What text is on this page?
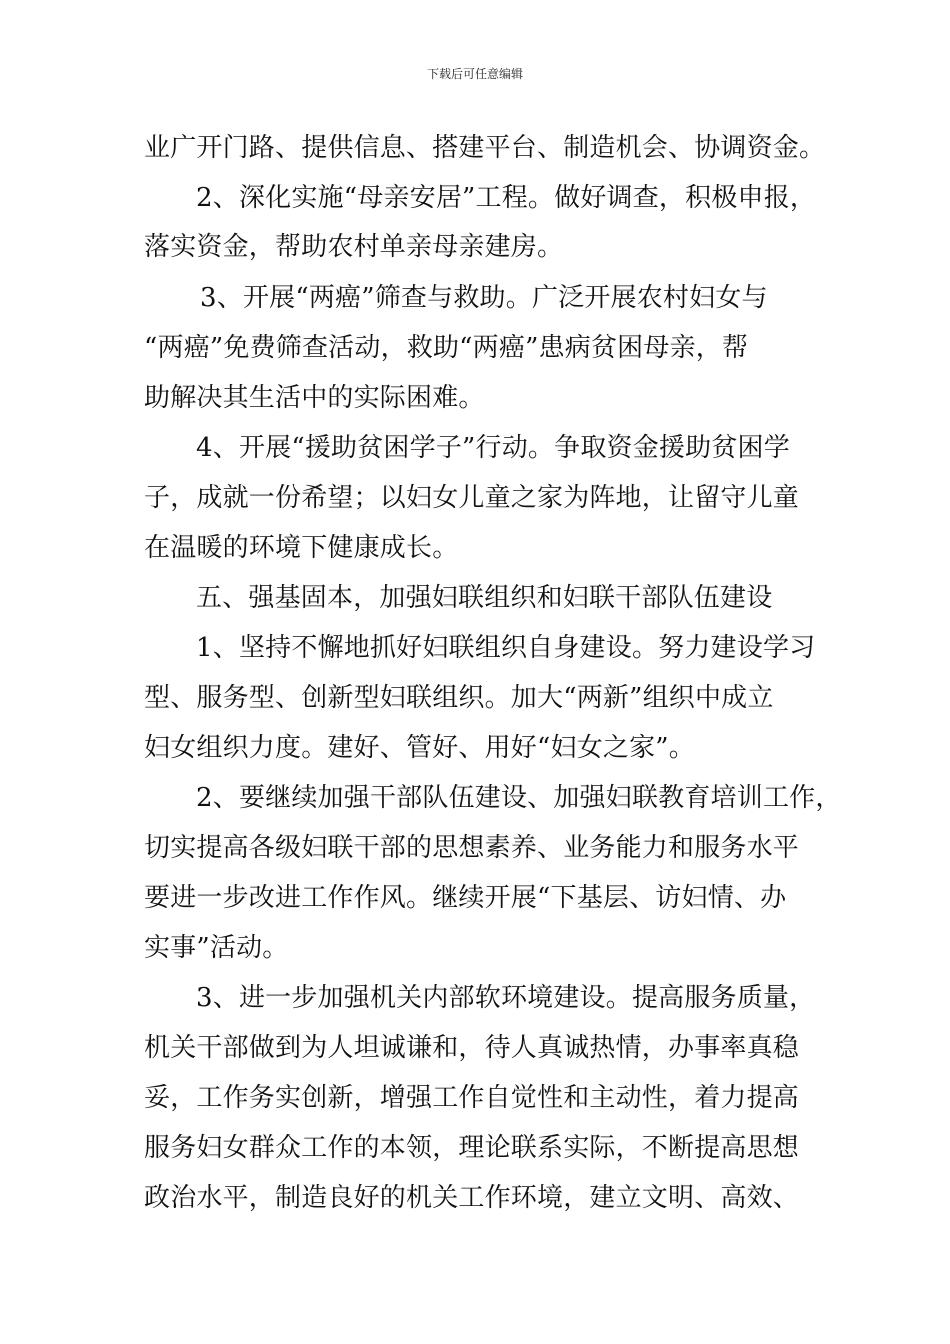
下载后可任意编辑
业广开门路、提供信息、搭建平台、制造机会、协调资金。
2、深化实施“母亲安居”工程。做好调查，积极申报，
落实资金，帮助农村单亲母亲建房。
3、开展“两癌”筛查与救助。广泛开展农村妇女与
“两癌”免费筛查活动，救助“两癌”患病贫困母亲，帮
助解决其生活中的实际困难。
4、开展“援助贫困学子”行动。争取资金援助贫困学
子，成就一份希望；以妇女儿童之家为阵地，让留守儿童
在温暖的环境下健康成长。
五、强基固本，加强妇联组织和妇联干部队伍建设
1、坚持不懈地抓好妇联组织自身建设。努力建设学习
型、服务型、创新型妇联组织。加大“两新”组织中成立
妇女组织力度。建好、管好、用好“妇女之家”。
2、要继续加强干部队伍建设、加强妇联教育培训工作，
切实提高各级妇联干部的思想素养、业务能力和服务水平
要进一步改进工作作风。继续开展“下基层、访妇情、办
实事”活动。
3、进一步加强机关内部软环境建设。提高服务质量，
机关干部做到为人坦诚谦和，待人真诚热情，办事率真稳
妥，工作务实创新，增强工作自觉性和主动性，着力提高
服务妇女群众工作的本领，理论联系实际，不断提高思想
政治水平，制造良好的机关工作环境，建立文明、高效、
